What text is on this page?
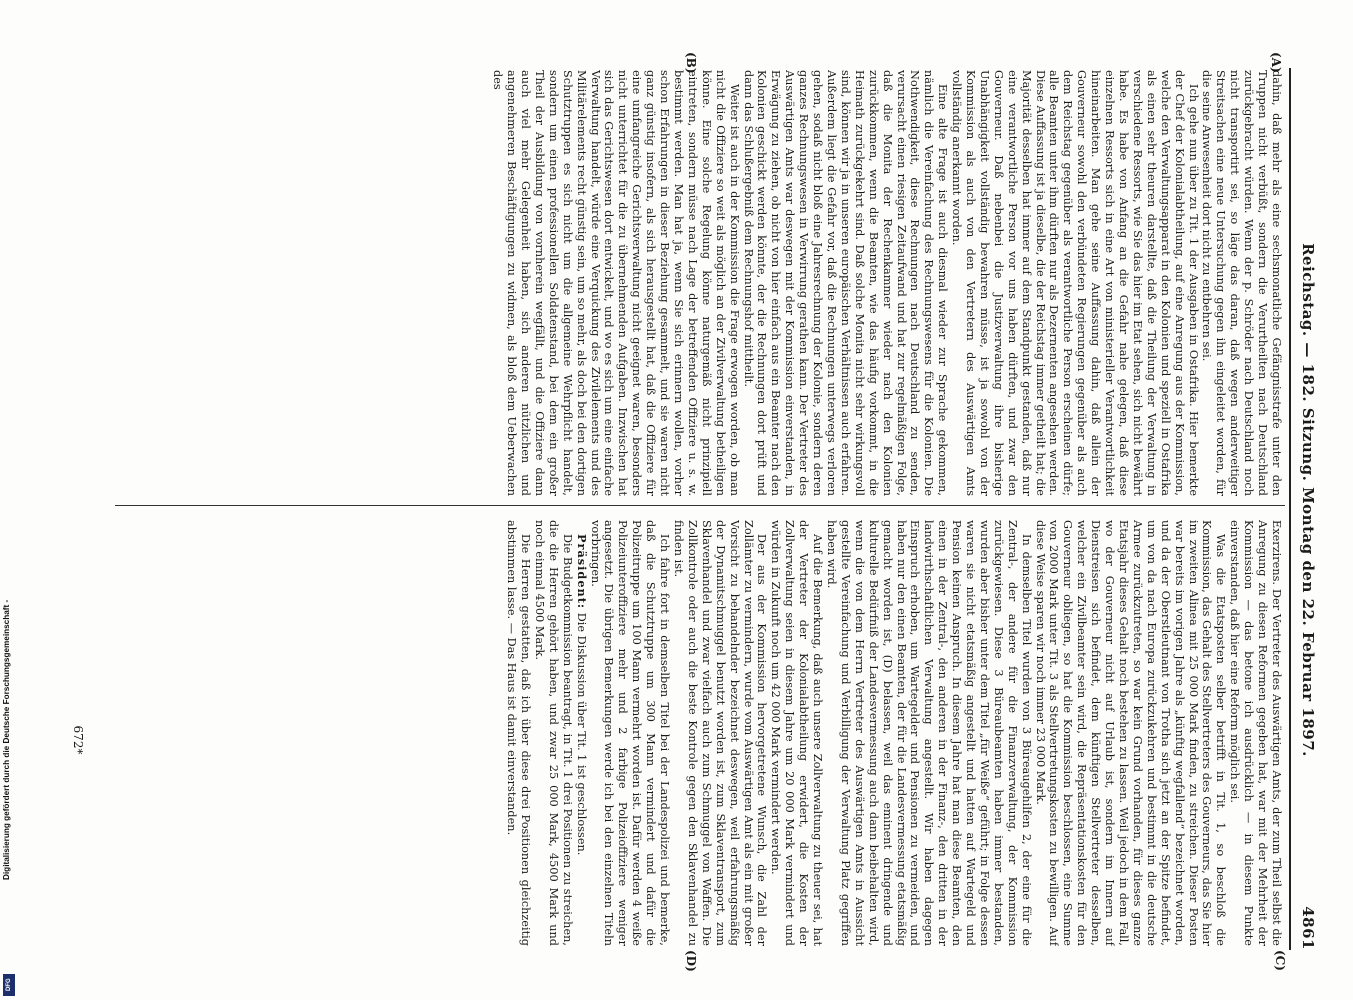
Reichstag. — 182. Sitzung. Montag den 22. Februar 1897.
4861
(A)
(B)
(C)
(D)

dahin, daß mehr als eine sechsmonatliche Gefängnisstrafe unter den Truppen nicht verbüßt, sondern die Verurtheilten nach Deutschland zurückgebracht würden. Wenn der p. Schröder nach Deutschland noch nicht transportirt sei, so läge das daran, daß wegen anderweitiger Streitsachen eine neue Untersuchung gegen ihn eingeleitet worden, für die seine Anwesenheit dort nicht zu entbehren sei.

Ich gehe nun über zu Tit. 1 der Ausgaben in Ostafrika. Hier bemerkte der Chef der Kolonialabtheilung, auf eine Anregung aus der Kommission, welche den Verwaltungsapparat in den Kolonien und speziell in Ostafrika als einen sehr theuren darstellte, daß die Theilung der Verwaltung in verschiedene Ressorts, wie Sie das hier im Etat sehen, sich nicht bewährt habe. Es habe von Anfang an die Gefahr nahe gelegen, daß diese einzelnen Ressorts sich in eine Art von ministerieller Verantwortlichkeit hineinarbeiten. Man gehe seine Auffassung dahin, daß allein der Gouverneur sowohl den verbündeten Regierungen gegenüber als auch dem Reichstag gegenüber als verantwortliche Person erscheinen dürfe; alle Beamten unter ihm dürften nur als Dezernenten angesehen werden. Diese Auffassung ist ja dieselbe, die der Reichstag immer getheilt hat; die Majorität desselben hat immer auf dem Standpunkt gestanden, daß nur eine verantwortliche Person vor uns haben dürften, und zwar den Gouverneur. Daß nebenbei die Justizverwaltung ihre bisherige Unabhängigkeit vollständig bewahren müsse, ist ja sowohl von der Kommission als auch von den Vertretern des Auswärtigen Amts vollständig anerkannt worden.

Eine alte Frage ist auch diesmal wieder zur Sprache gekommen, nämlich die Vereinfachung des Rechnungswesens für die Kolonien. Die Nothwendigkeit, diese Rechnungen nach Deutschland zu senden, verursacht einen riesigen Zeitaufwand und hat zur regelmäßigen Folge, daß die Monita der Rechenkammer wieder nach den Kolonien zurückkommen, wenn die Beamten, wie das häufig vorkommt, in die Heimath zurückgekehrt sind. Daß solche Monita nicht sehr wirkungsvoll sind, können wir ja in unseren europäischen Verhältnissen auch erfahren. Außerdem liegt die Gefahr vor, daß die Rechnungen unterwegs verloren gehen, sodaß nicht bloß eine Jahresrechnung der Kolonie, sondern deren ganzes Rechnungswesen in Verwirrung gerathen kann. Der Vertreter des Auswärtigen Amts war deswegen mit der Kommission einverstanden, in Erwägung zu ziehen, ob nicht von hier einfach aus ein Beamter nach den Kolonien geschickt werden könnte, der die Rechnungen dort prüft und dann das Schlußergebniß dem Rechnungshof mittheilt.

Weiter ist auch in der Kommission die Frage erwogen worden, ob man nicht die Offiziere so weit als möglich an der Zivilverwaltung betheiligen könne. Eine solche Regelung könne naturgemäß nicht prinzipiell eintreten, sondern müsse nach Lage der betreffenden Offiziere u. s. w. bestimmt werden. Man hat ja, wenn Sie sich erinnern wollen, vorher schon Erfahrungen in dieser Beziehung gesammelt, und sie waren nicht ganz günstig insofern, als sich herausgestellt hat, daß die Offiziere für eine umfangreiche Gerichtsverwaltung nicht geeignet waren, besonders nicht unterrichtet für die zu übernehmenden Aufgaben. Inzwischen hat sich das Gerichtswesen dort entwickelt, und wo es sich um eine einfache Verwaltung handelt, würde eine Verquickung des Zivilelements und des Militärelements recht günstig sein, um so mehr, als doch bei den dortigen Schutztruppen es sich nicht um die allgemeine Wehrpflicht handelt, sondern um einen professionellen Soldatenstand, bei dem ein großer Theil der Ausbildung von vornherein wegfällt, und die Offiziere dann auch viel mehr Gelegenheit haben, sich anderen nützlichen und angenehmeren Beschäftigungen zu widmen, als bloß dem Ueberwachen des

Exerzirens. Der Vertreter des Auswärtigen Amts, der zum Theil selbst die Anregung zu diesen Reformen gegeben hat, war mit der Mehrheit der Kommission — das betone ich ausdrücklich — in diesem Punkte einverstanden, daß hier eine Reform möglich sei.

Was die Etatsposten selber betrifft in Tit. 1, so beschloß die Kommission, das Gehalt des Stellvertreters des Gouverneurs, das Sie hier im zweiten Alinea mit 25 000 Mark finden, zu streichen. Dieser Posten war bereits im vorigen Jahre als „künftig wegfallend“ bezeichnet worden, und da der Oberstleutnant von Trotha sich jetzt an der Spitze befindet, um von da nach Europa zurückzukehren und bestimmt in die deutsche Armee zurückzutreten, so war kein Grund vorhanden, für dieses ganze Etatsjahr dieses Gehalt noch bestehen zu lassen. Weil jedoch in dem Fall, wo der Gouverneur nicht auf Urlaub ist, sondern im Innern auf Dienstreisen sich befindet, dem künftigen Stellvertreter desselben, welcher ein Zivilbeamter sein wird, die Repräsentationskosten für den Gouverneur obliegen, so hat die Kommission beschlossen, eine Summe von 2000 Mark unter Tit. 3 als Stellvertretungskosten zu bewilligen. Auf diese Weise sparen wir noch immer 23 000 Mark.

In demselben Titel wurden von 3 Büreaugehilfen 2, der eine für die Zentral-, der andere für die Finanzverwaltung, der Kommission zurückgewiesen. Diese 3 Büreaubeamten haben immer bestanden, wurden aber bisher unter dem Titel „für Weiße“ geführt; in Folge dessen waren sie nicht etatsmäßig angestellt und hatten auf Wartegeld und Pension keinen Anspruch. In diesem Jahre hat man diese Beamten, den einen in der Zentral-, den anderen in der Finanz-, den dritten in der landwirthschaftlichen Verwaltung angestellt. Wir haben dagegen Einspruch erhoben, um Wartegelder und Pensionen zu vermeiden, und haben nur den einen Beamten, der für die Landesvermessung etatsmäßig gemacht worden ist, (D) belassen, weil das eminent dringende und kulturelle Bedürfniß der Landesvermessung auch dann beibehalten wird, wenn die von dem Herrn Vertreter des Auswärtigen Amts in Aussicht gestellte Vereinfachung und Verbilligung der Verwaltung Platz gegriffen haben wird.

Auf die Bemerkung, daß auch unsere Zollverwaltung zu theuer sei, hat der Vertreter der Kolonialabtheilung erwidert, die Kosten der Zollverwaltung seien in diesem Jahre um 20 000 Mark vermindert und würden in Zukunft noch um 42 000 Mark vermindert werden.

Der aus der Kommission hervorgetretene Wunsch, die Zahl der Zollämter zu vermindern, wurde vom Auswärtigen Amt als ein mit großer Vorsicht zu behandelnder bezeichnet deswegen, weil erfahrungsmäßig der Dynamitschmuggel benutzt worden ist, zum Sklaventransport, zum Sklavenhandel und zwar vielfach auch zum Schmuggel von Waffen. Die Zollkontrole oder auch die beste Kontrole gegen den Sklavenhandel zu finden ist.

Ich fahre fort in demselben Titel bei der Landespolizei und bemerke, daß die Schutztruppe um 300 Mann vermindert und dafür die Polizeitruppe um 100 Mann vermehrt worden ist. Dafür werden 4 weiße Polizeiunteroffiziere mehr und 2 farbige Polizeioffiziere weniger angesetzt. Die übrigen Bemerkungen werde ich bei den einzelnen Titeln vorbringen.

Präsident: Die Diskussion über Tit. 1 ist geschlossen.

Die Budgetkommission beantragt, in Tit. 1 drei Positionen zu streichen, die die Herren gehört haben, und zwar 25 000 Mark, 4500 Mark und noch einmal 4500 Mark.

Die Herren gestatten, daß ich über diese drei Positionen gleichzeitig abstimmen lasse. — Das Haus ist damit einverstanden.

672*
Digitalisierung gefördert durch die Deutsche Forschungsgemeinschaft -
DFG
